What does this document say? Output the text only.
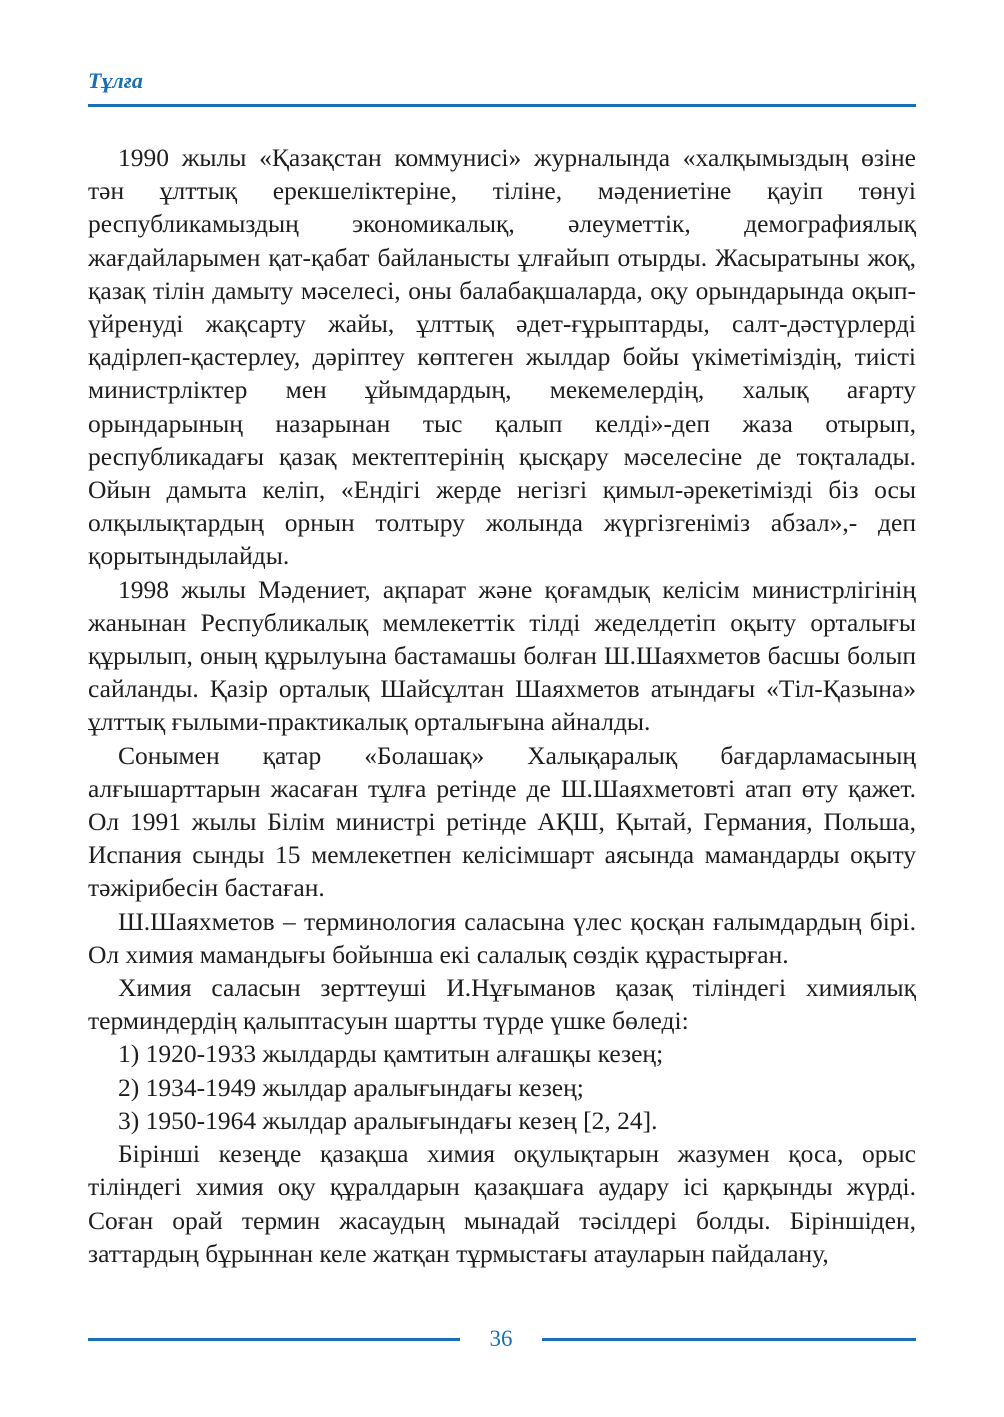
Тұлға

1990 жылы «Қазақстан коммунисі» журналында «халқымыздың өзіне тән ұлттық ерекшеліктеріне, тіліне, мәдениетіне қауіп төнуі республикамыздың экономикалық, әлеуметтік, демографиялық жағдайларымен қат-қабат байланысты ұлғайып отырды. Жасыратыны жоқ, қазақ тілін дамыту мәселесі, оны балабақшаларда, оқу орындарында оқып-үйренуді жақсарту жайы, ұлттық әдет-ғұрыптарды, салт-дәстүрлерді қадірлеп-қастерлеу, дәріптеу көптеген жылдар бойы үкіметіміздің, тиісті министрліктер мен ұйымдардың, мекемелердің, халық ағарту орындарының назарынан тыс қалып келді»-деп жаза отырып, республикадағы қазақ мектептерінің қысқару мәселесіне де тоқталады. Ойын дамыта келіп, «Ендігі жерде негізгі қимыл-әрекетімізді біз осы олқылықтардың орнын толтыру жолында жүргізгеніміз абзал»,- деп қорытындылайды.

1998 жылы Мәдениет, ақпарат және қоғамдық келісім министрлігінің жанынан Республикалық мемлекеттік тілді жеделдетіп оқыту орталығы құрылып, оның құрылуына бастамашы болған Ш.Шаяхметов басшы болып сайланды. Қазір орталық Шайсұлтан Шаяхметов атындағы «Тіл-Қазына» ұлттық ғылыми-практикалық орталығына айналды.

Сонымен қатар «Болашақ» Халықаралық бағдарламасының алғышарттарын жасаған тұлға ретінде де Ш.Шаяхметовті атап өту қажет. Ол 1991 жылы Білім министрі ретінде АҚШ, Қытай, Германия, Польша, Испания сынды 15 мемлекетпен келісімшарт аясында мамандарды оқыту тәжірибесін бастаған.

Ш.Шаяхметов – терминология саласына үлес қосқан ғалымдардың бірі. Ол химия мамандығы бойынша екі салалық сөздік құрастырған.

Химия саласын зерттеуші И.Нұғыманов қазақ тіліндегі химиялық терминдердің қалыптасуын шартты түрде үшке бөледі:

1) 1920-1933 жылдарды қамтитын алғашқы кезең;

2) 1934-1949 жылдар аралығындағы кезең;

3) 1950-1964 жылдар аралығындағы кезең [2, 24].

Бірінші кезеңде қазақша химия оқулықтарын жазумен қоса, орыс тіліндегі химия оқу құралдарын қазақшаға аудару ісі қарқынды жүрді. Соған орай термин жасаудың мынадай тәсілдері болды. Біріншіден, заттардың бұрыннан келе жатқан тұрмыстағы атауларын пайдалану,

36
